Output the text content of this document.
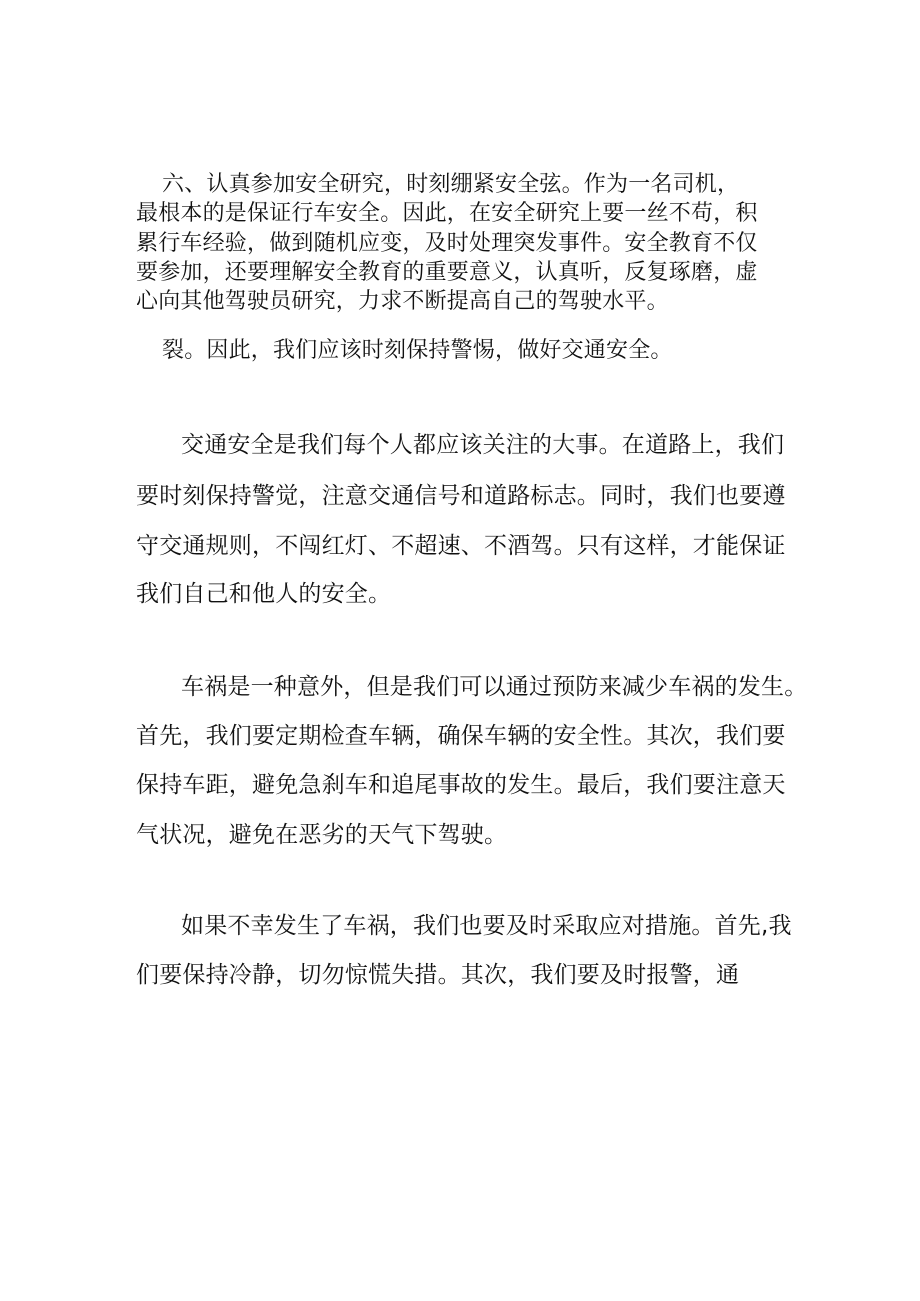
六、认真参加安全研究，时刻绷紧安全弦。作为一名司机，
最根本的是保证行车安全。因此，在安全研究上要一丝不苟，积
累行车经验，做到随机应变，及时处理突发事件。安全教育不仅
要参加，还要理解安全教育的重要意义，认真听，反复琢磨，虚
心向其他驾驶员研究，力求不断提高自己的驾驶水平。
裂。因此，我们应该时刻保持警惕，做好交通安全。
交通安全是我们每个人都应该关注的大事。在道路上，我们
要时刻保持警觉，注意交通信号和道路标志。同时，我们也要遵
守交通规则，不闯红灯、不超速、不酒驾。只有这样，才能保证
我们自己和他人的安全。
车祸是一种意外，但是我们可以通过预防来减少车祸的发生。
首先，我们要定期检查车辆，确保车辆的安全性。其次，我们要
保持车距，避免急刹车和追尾事故的发生。最后，我们要注意天
气状况，避免在恶劣的天气下驾驶。
如果不幸发生了车祸，我们也要及时采取应对措施。首先,我
们要保持冷静，切勿惊慌失措。其次，我们要及时报警，通
